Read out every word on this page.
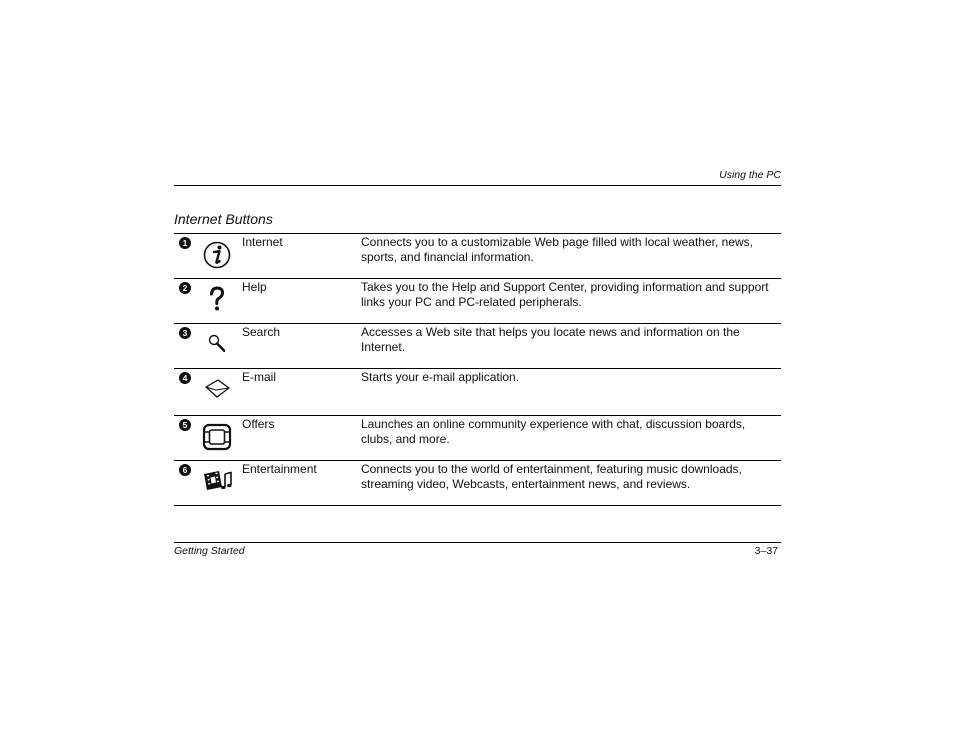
Using the PC
Internet Buttons
1	Internet	Connects you to a customizable Web page filled with local weather, news, sports, and financial information.
2	Help	Takes you to the Help and Support Center, providing information and support links your PC and PC-related peripherals.
3	Search	Accesses a Web site that helps you locate news and information on the Internet.
4	E-mail	Starts your e-mail application.
5	Offers	Launches an online community experience with chat, discussion boards, clubs, and more.
6	Entertainment	Connects you to the world of entertainment, featuring music downloads, streaming video, Webcasts, entertainment news, and reviews.
Getting Started	3–37
